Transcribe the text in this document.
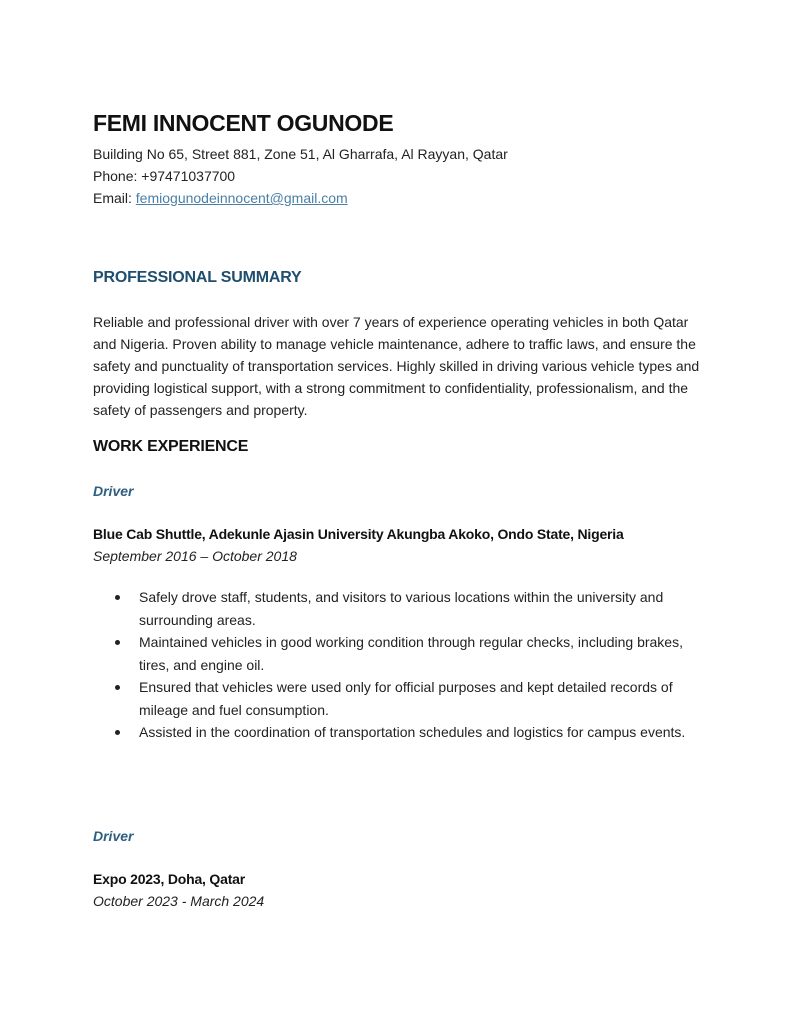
FEMI INNOCENT OGUNODE
Building No 65, Street 881, Zone 51, Al Gharrafa, Al Rayyan, Qatar
Phone: +97471037700
Email: femiogunodeinnocent@gmail.com
PROFESSIONAL SUMMARY

Reliable and professional driver with over 7 years of experience operating vehicles in both Qatar and Nigeria. Proven ability to manage vehicle maintenance, adhere to traffic laws, and ensure the safety and punctuality of transportation services. Highly skilled in driving various vehicle types and providing logistical support, with a strong commitment to confidentiality, professionalism, and the safety of passengers and property.

WORK EXPERIENCE
Driver
Blue Cab Shuttle, Adekunle Ajasin University Akungba Akoko, Ondo State, Nigeria
September 2016 – October 2018
Safely drove staff, students, and visitors to various locations within the university and surrounding areas.
Maintained vehicles in good working condition through regular checks, including brakes, tires, and engine oil.
Ensured that vehicles were used only for official purposes and kept detailed records of mileage and fuel consumption.
Assisted in the coordination of transportation schedules and logistics for campus events.
Driver
Expo 2023, Doha, Qatar
October 2023 - March 2024
